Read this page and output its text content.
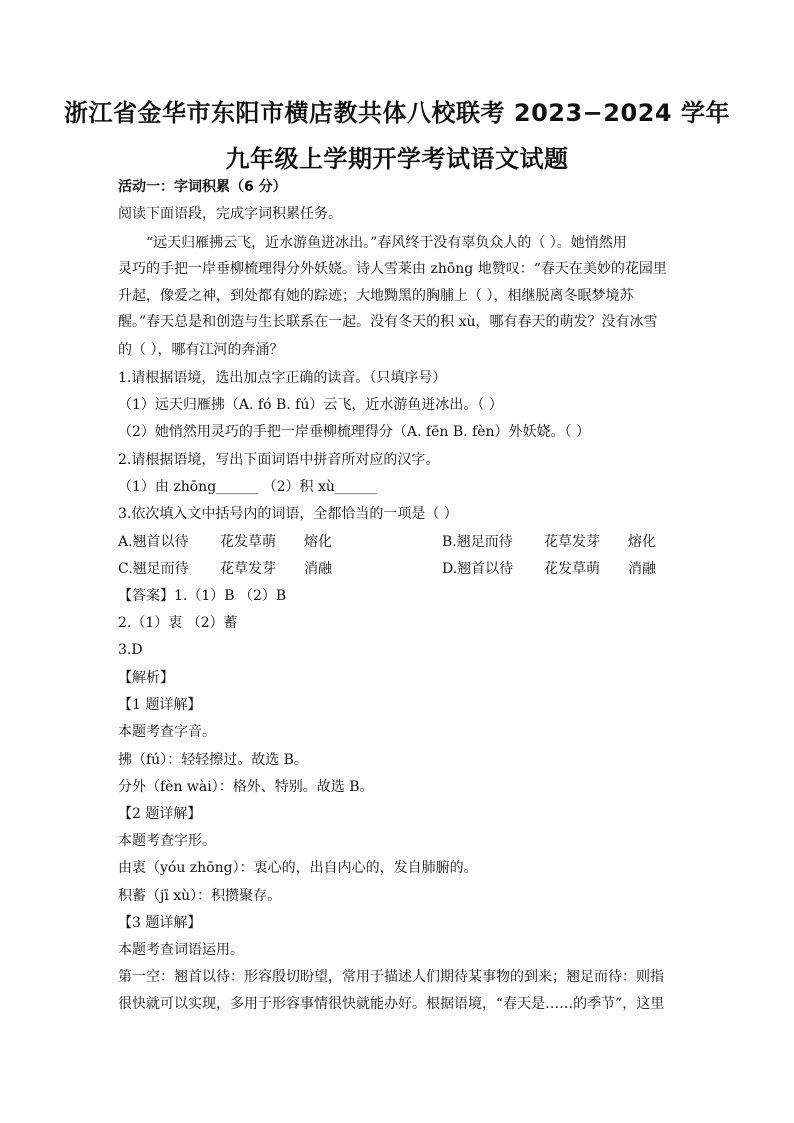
浙江省金华市东阳市横店教共体八校联考 2023−2024 学年
九年级上学期开学考试语文试题
活动一：字词积累（6 分）
阅读下面语段，完成字词积累任务。
“远天归雁拂云飞，近水游鱼迸冰出。”春风终于没有辜负众人的（ ）。她悄然用
灵巧的手把一岸垂柳梳理得分外妖娆。诗人雪莱由 zhōng 地赞叹：“春天在美妙的花园里
升起，像爱之神，到处都有她的踪迹；大地黝黑的胸脯上（ ），相继脱离冬眠梦境苏
醒。”春天总是和创造与生长联系在一起。没有冬天的积 xù，哪有春天的萌发？没有冰雪
的（ ），哪有江河的奔涌？
1.请根据语境，选出加点字正确的读音。（只填序号）
（1）远天归雁拂（A. fó B. fú）云飞，近水游鱼迸冰出。（ ）
（2）她悄然用灵巧的手把一岸垂柳梳理得分（A. fēn B. fèn）外妖娆。（ ）
2.请根据语境，写出下面词语中拼音所对应的汉字。
（1）由 zhōng______ （2）积 xù______
3.依次填入文中括号内的词语，全都恰当的一项是（ ）
A.翘首以待 花发草萌 熔化	B.翘足而待 花草发芽 熔化
C.翘足而待 花草发芽 消融	D.翘首以待 花发草萌 消融
【答案】1.（1）B （2）B
2.（1）衷 （2）蓄
3.D
【解析】
【1 题详解】
本题考查字音。
拂（fú）：轻轻擦过。故选 B。
分外（fèn wài）：格外、特别。故选 B。
【2 题详解】
本题考查字形。
由衷（yóu zhōng）：衷心的，出自内心的，发自肺腑的。
积蓄（jī xù）：积攒聚存。
【3 题详解】
本题考查词语运用。
第一空：翘首以待：形容殷切盼望，常用于描述人们期待某事物的到来；翘足而待：则指
很快就可以实现，多用于形容事情很快就能办好。根据语境，“春天是……的季节”，这里
